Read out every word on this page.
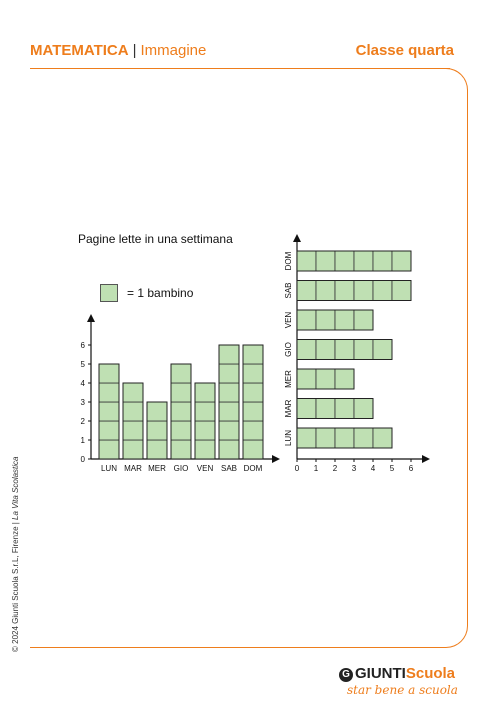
MATEMATICA | Immagine	Classe quarta
Pagine lette in una settimana
= 1 bambino
0
1
2
3
4
5
6
LUN MAR MER GIO VEN SAB DOM	0 1 2 3 4 5 6
LUN
MAR
MER
GIO
VEN
SAB
DOM
© 2024 Giunti Scuola S.r.L, Firenze | La Vita Scolastica
G GIUNTIScuola
star bene a scuola
